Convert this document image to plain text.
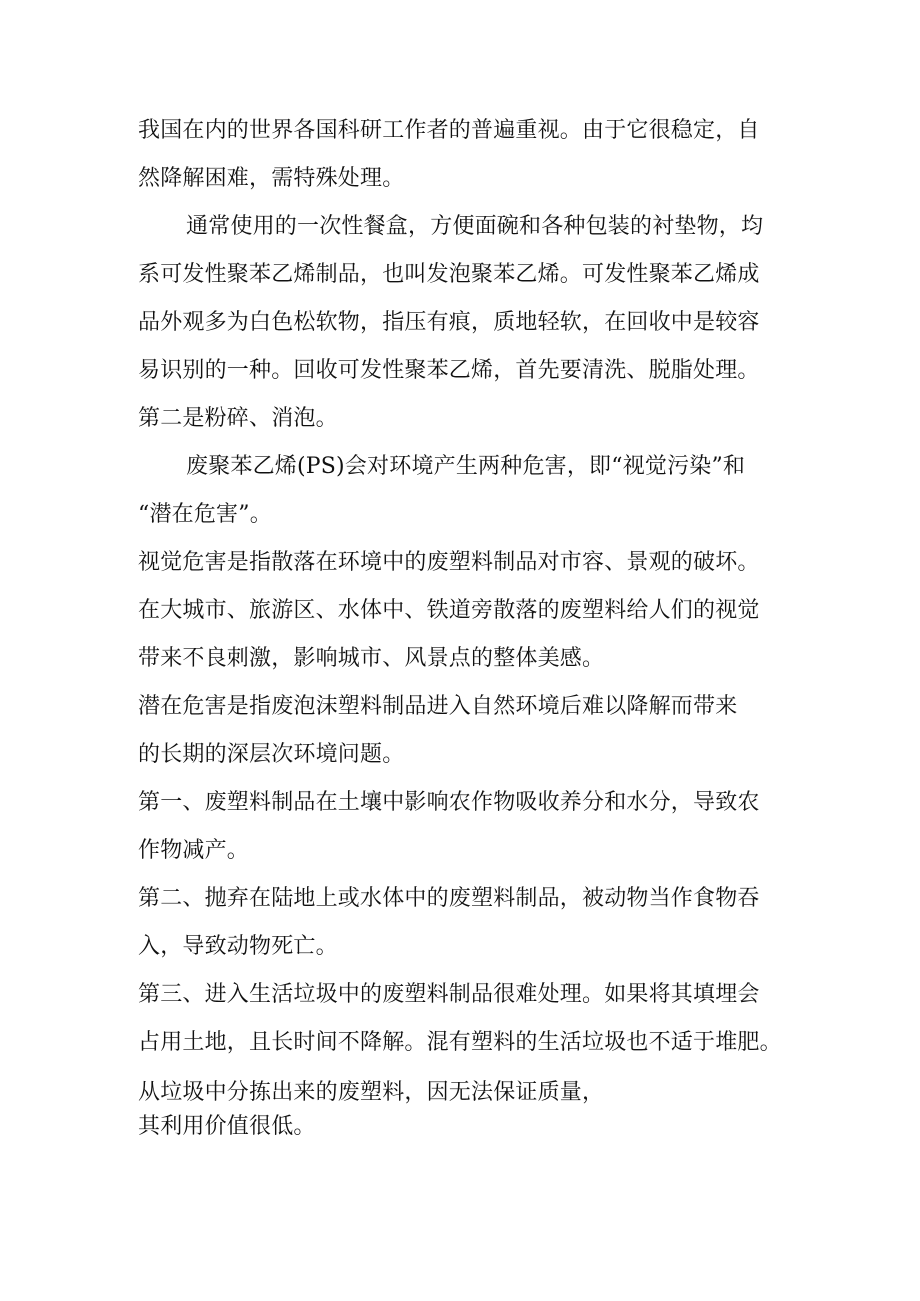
我国在内的世界各国科研工作者的普遍重视。由于它很稳定，自
然降解困难，需特殊处理。
通常使用的一次性餐盒，方便面碗和各种包装的衬垫物，均
系可发性聚苯乙烯制品，也叫发泡聚苯乙烯。可发性聚苯乙烯成
品外观多为白色松软物，指压有痕，质地轻软，在回收中是较容
易识别的一种。回收可发性聚苯乙烯，首先要清洗、脱脂处理。
第二是粉碎、消泡。
废聚苯乙烯(PS)会对环境产生两种危害，即“视觉污染”和
“潜在危害”。
视觉危害是指散落在环境中的废塑料制品对市容、景观的破坏。
在大城市、旅游区、水体中、铁道旁散落的废塑料给人们的视觉
带来不良刺激，影响城市、风景点的整体美感。
潜在危害是指废泡沫塑料制品进入自然环境后难以降解而带来
的长期的深层次环境问题。
第一、废塑料制品在土壤中影响农作物吸收养分和水分，导致农
作物减产。
第二、抛弃在陆地上或水体中的废塑料制品，被动物当作食物吞
入，导致动物死亡。
第三、进入生活垃圾中的废塑料制品很难处理。如果将其填埋会
占用土地，且长时间不降解。混有塑料的生活垃圾也不适于堆肥。
从垃圾中分拣出来的废塑料，因无法保证质量，
其利用价值很低。
